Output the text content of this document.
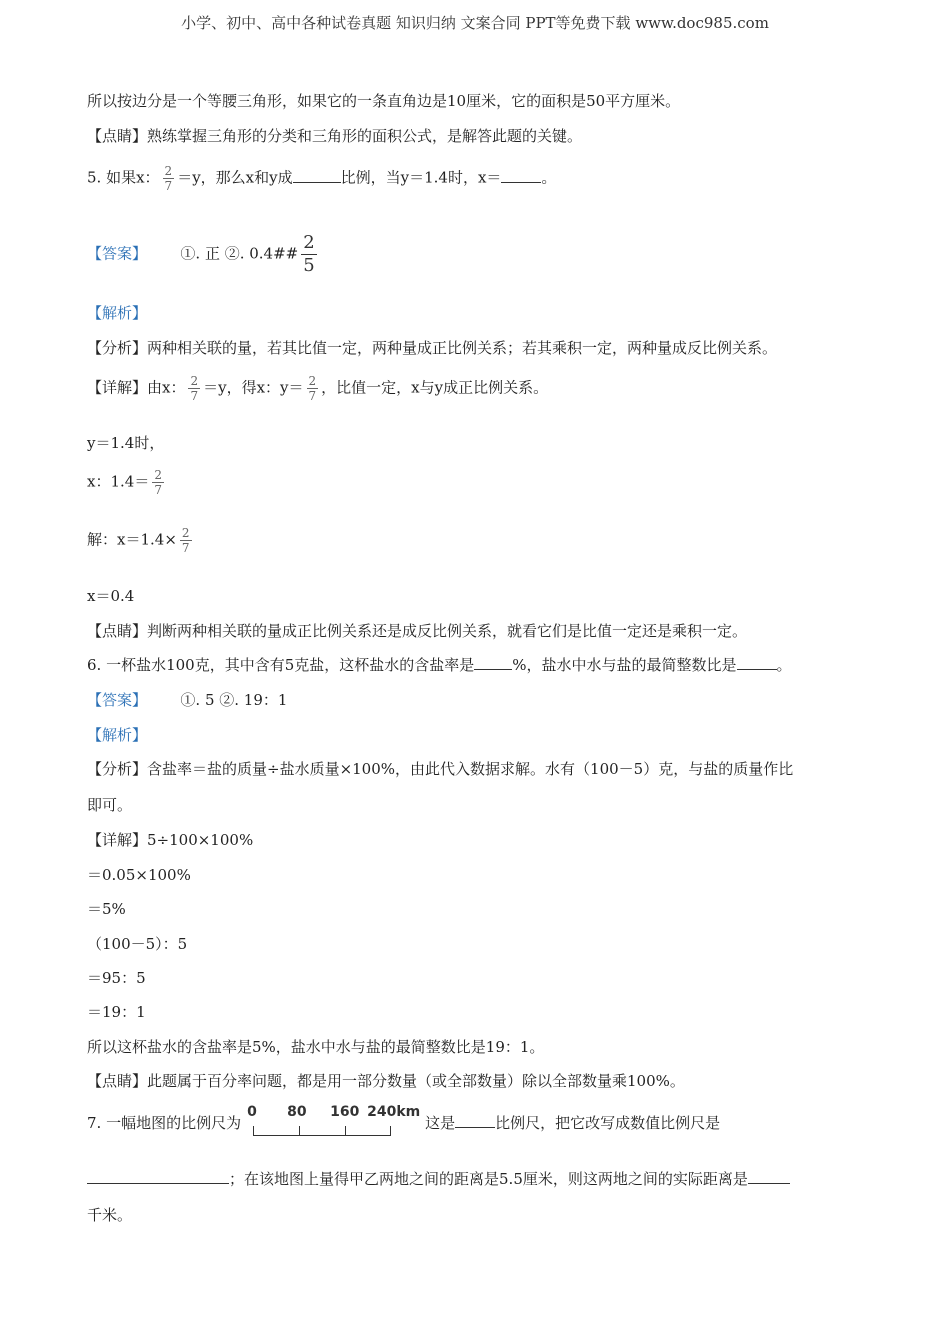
小学、初中、高中各种试卷真题 知识归纳 文案合同 PPT等免费下载 www.doc985.com
所以按边分是一个等腰三角形，如果它的一条直角边是10厘米，它的面积是50平方厘米。
【点睛】熟练掌握三角形的分类和三角形的面积公式，是解答此题的关键。
5. 如果x： $\frac{2}{7} =y$，那么x和y成	比例，当y＝1.4时，x＝	。
【答案】 ①. 正 ②. 0.4## $\frac{2}{5}$
【解析】
【分析】两种相关联的量，若其比值一定，两种量成正比例关系；若其乘积一定，两种量成反比例关系。
【详解】由x： $\frac{2}{7} =y$，得x：$y= \frac{2}{7}$ ，比值一定，x与y成正比例关系。
y＝1.4时，
x：$1.4= \frac{2}{7}$
解：$x=1.4\times \frac{2}{7}$
x＝0.4
【点睛】判断两种相关联的量成正比例关系还是成反比例关系，就看它们是比值一定还是乘积一定。
6. 一杯盐水100克，其中含有5克盐，这杯盐水的含盐率是	%，盐水中水与盐的最简整数比是	。
【答案】 ①. 5 ②. 19：1
【解析】
【分析】含盐率＝盐的质量÷盐水质量×100%，由此代入数据求解。水有（100－5）克，与盐的质量作比
即可。
【详解】5÷100×100%
＝0.05×100%
＝5%
（100－5）：5
＝95：5
＝19：1
所以这杯盐水的含盐率是5%，盐水中水与盐的最简整数比是19：1。
【点睛】此题属于百分率问题，都是用一部分数量（或全部数量）除以全部数量乘100%。
7. 一幅地图的比例尺为
0 80 160 240km
这是	比例尺，把它改写成数值比例尺是
；在该地图上量得甲乙两地之间的距离是5.5厘米，则这两地之间的实际距离是
千米。
